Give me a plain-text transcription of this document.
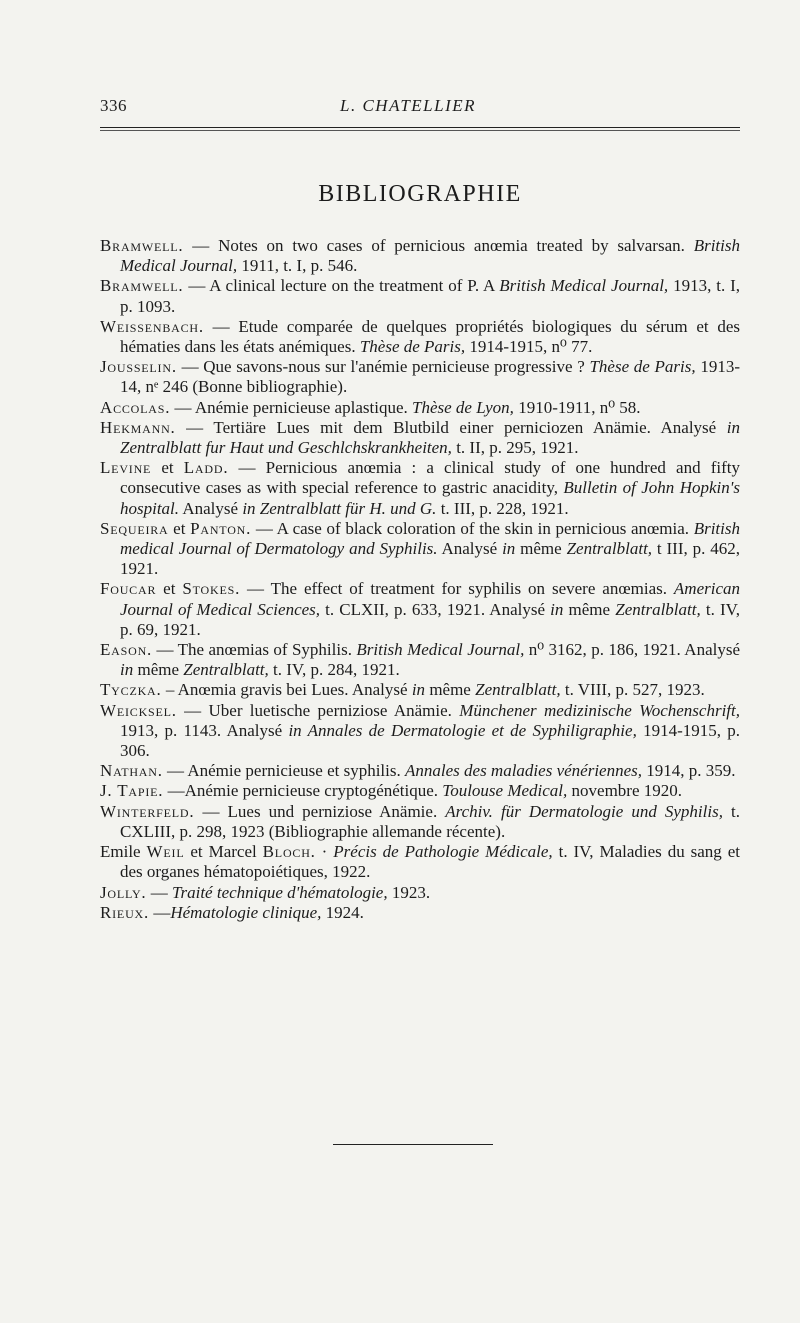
336	L. CHATELLIER
BIBLIOGRAPHIE

Bramwell. — Notes on two cases of pernicious anœmia treated by salvarsan. British Medical Journal, 1911, t. I, p. 546.

Bramwell. — A clinical lecture on the treatment of P. A British Medical Journal, 1913, t. I, p. 1093.

Weissenbach. — Etude comparée de quelques propriétés biologiques du sérum et des hématies dans les états anémiques. Thèse de Paris, 1914-1915, n⁰ 77.

Jousselin. — Que savons-nous sur l'anémie pernicieuse progressive ? Thèse de Paris, 1913-14, nᵉ 246 (Bonne bibliographie).

Accolas. — Anémie pernicieuse aplastique. Thèse de Lyon, 1910-1911, n⁰ 58.

Hekmann. — Tertiäre Lues mit dem Blutbild einer perniciozen Anämie. Analysé in Zentralblatt fur Haut und Geschlchskrankheiten, t. II, p. 295, 1921.

Levine et Ladd. — Pernicious anœmia : a clinical study of one hundred and fifty consecutive cases as with special reference to gastric anacidity, Bulletin of John Hopkin's hospital. Analysé in Zentralblatt für H. und G. t. III, p. 228, 1921.

Sequeira et Panton. — A case of black coloration of the skin in pernicious anœmia. British medical Journal of Dermatology and Syphilis. Analysé in même Zentralblatt, t III, p. 462, 1921.

Foucar et Stokes. — The effect of treatment for syphilis on severe anœmias. American Journal of Medical Sciences, t. CLXII, p. 633, 1921. Analysé in même Zentralblatt, t. IV, p. 69, 1921.

Eason. — The anœmias of Syphilis. British Medical Journal, n⁰ 3162, p. 186, 1921. Analysé in même Zentralblatt, t. IV, p. 284, 1921.

Tyczka. – Anœmia gravis bei Lues. Analysé in même Zentralblatt, t. VIII, p. 527, 1923.

Weicksel. — Uber luetische perniziose Anämie. Münchener medizinische Wochenschrift, 1913, p. 1143. Analysé in Annales de Dermatologie et de Syphiligraphie, 1914-1915, p. 306.

Nathan. — Anémie pernicieuse et syphilis. Annales des maladies vénériennes, 1914, p. 359.

J. Tapie. —Anémie pernicieuse cryptogénétique. Toulouse Medical, novembre 1920.

Winterfeld. — Lues und perniziose Anämie. Archiv. für Dermatologie und Syphilis, t. CXLIII, p. 298, 1923 (Bibliographie allemande récente).

Emile Weil et Marcel Bloch. · Précis de Pathologie Médicale, t. IV, Maladies du sang et des organes hématopoiétiques, 1922.

Jolly. — Traité technique d'hématologie, 1923.

Rieux. —Hématologie clinique, 1924.
